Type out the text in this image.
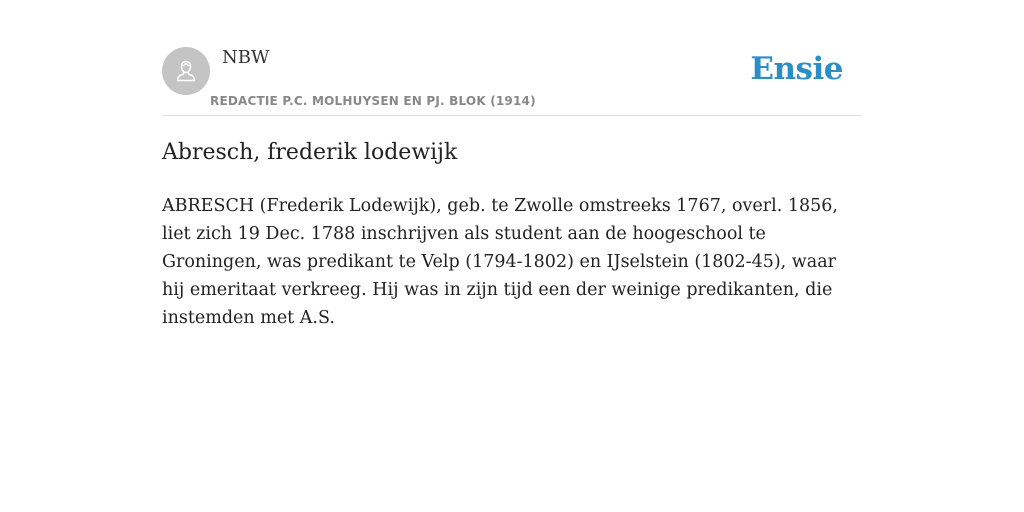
NBW
REDACTIE P.C. MOLHUYSEN EN PJ. BLOK (1914)
Ensie
Abresch, frederik lodewijk

ABRESCH (Frederik Lodewijk), geb. te Zwolle omstreeks 1767, overl. 1856, liet zich 19 Dec. 1788 inschrijven als student aan de hoogeschool te Groningen, was predikant te Velp (1794-1802) en IJselstein (1802-45), waar hij emeritaat verkreeg. Hij was in zijn tijd een der weinige predikanten, die instemden met A.S.
